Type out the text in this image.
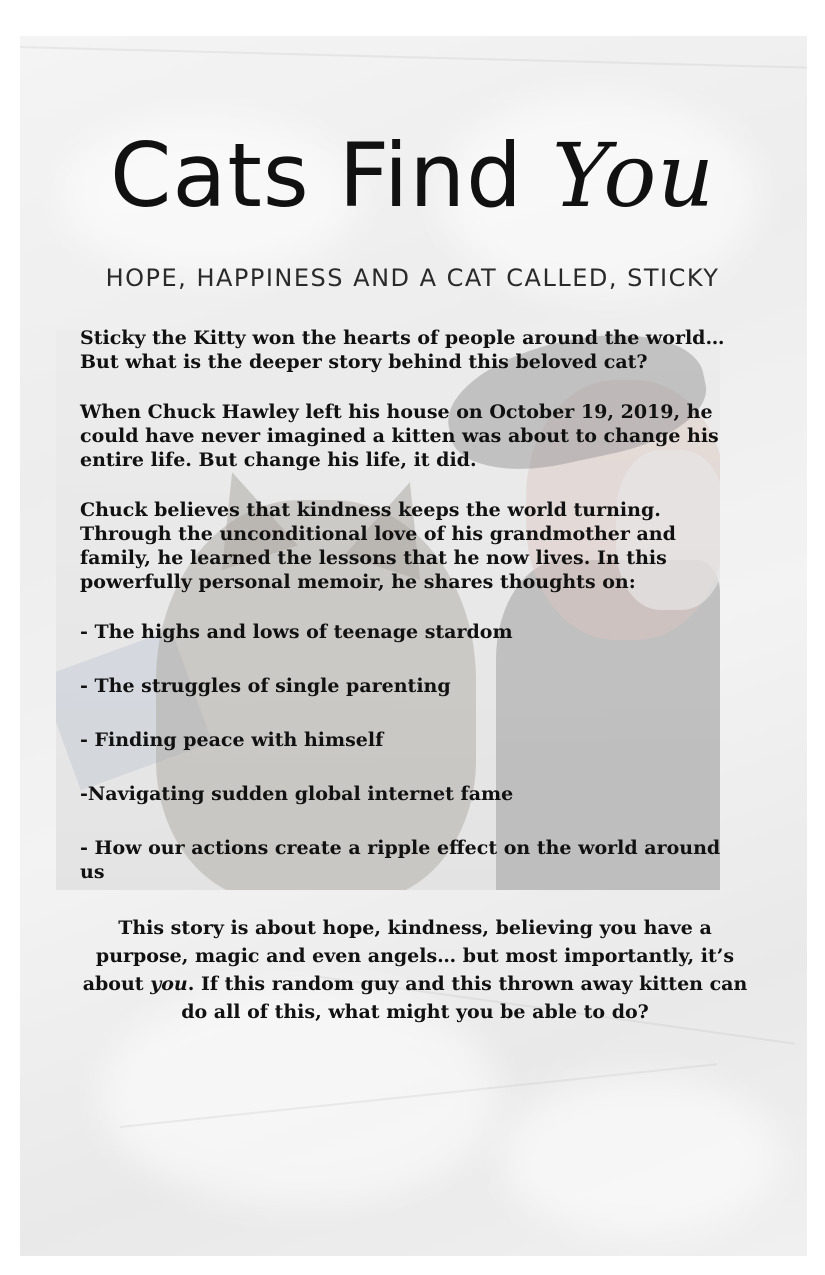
Cats Find You
HOPE, HAPPINESS AND A CAT CALLED, STICKY

Sticky the Kitty won the hearts of people around the world… But what is the deeper story behind this beloved cat?

When Chuck Hawley left his house on October 19, 2019, he could have never imagined a kitten was about to change his entire life. But change his life, it did.

Chuck believes that kindness keeps the world turning. Through the unconditional love of his grandmother and family, he learned the lessons that he now lives. In this powerfully personal memoir, he shares thoughts on:

- The highs and lows of teenage stardom

- The struggles of single parenting

- Finding peace with himself

-Navigating sudden global internet fame

- How our actions create a ripple effect on the world around us

This story is about hope, kindness, believing you have a purpose, magic and even angels… but most importantly, it’s about you. If this random guy and this thrown away kitten can do all of this, what might you be able to do?
